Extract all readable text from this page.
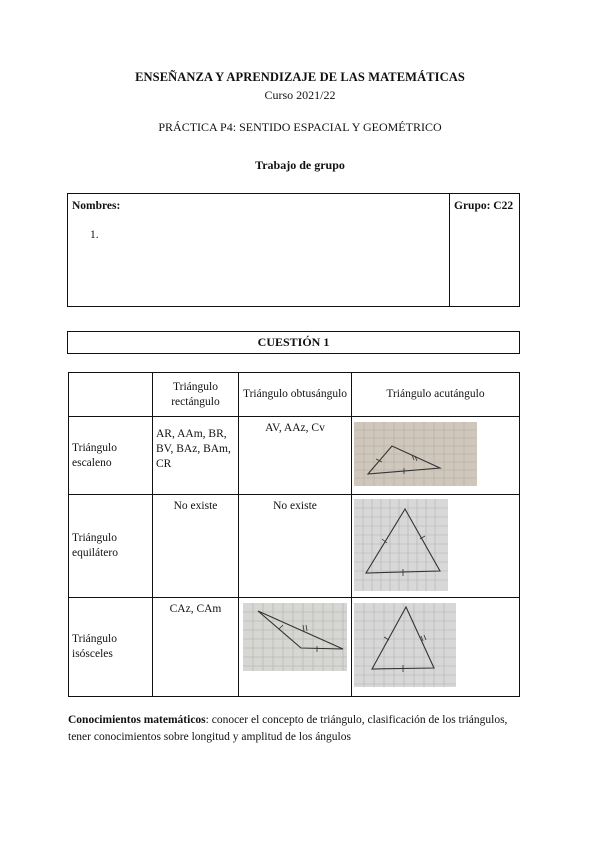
ENSEÑANZA Y APRENDIZAJE DE LAS MATEMÁTICAS
Curso 2021/22
PRÁCTICA P4: SENTIDO ESPACIAL Y GEOMÉTRICO
Trabajo de grupo
Nombres:
1.
Grupo: C22
CUESTIÓN 1
	Triángulo rectángulo	Triángulo obtusángulo	Triángulo acutángulo
Triángulo escaleno	AR, AAm, BR, BV, BAz, BAm, CR	AV, AAz, Cv

Triángulo equilátero	No existe	No existe

Triángulo isósceles	CAz, CAm

Conocimientos matemáticos: conocer el concepto de triángulo, clasificación de los triángulos, tener conocimientos sobre longitud y amplitud de los ángulos
